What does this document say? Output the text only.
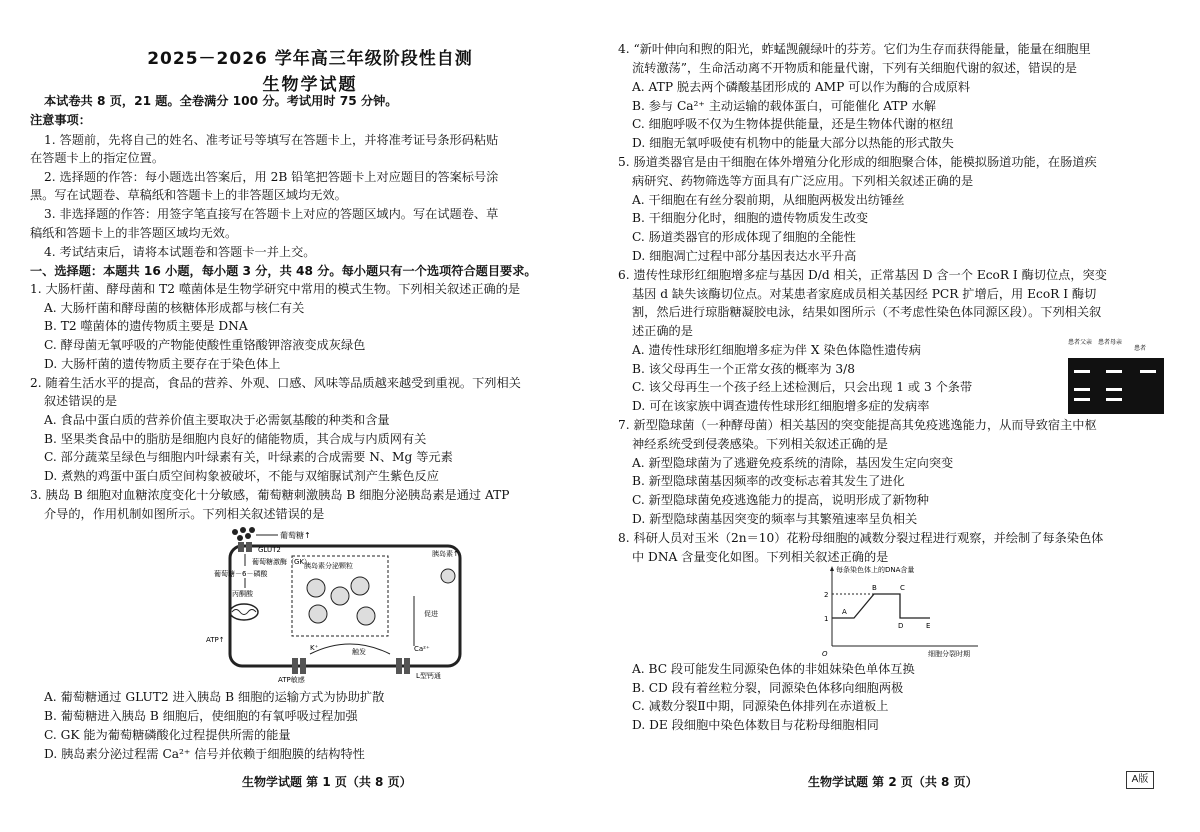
2025－2026 学年高三年级阶段性自测
生物学试题
本试卷共 8 页，21 题。全卷满分 100 分。考试用时 75 分钟。
注意事项：
1. 答题前，先将自己的姓名、准考证号等填写在答题卡上，并将准考证号条形码粘贴
在答题卡上的指定位置。
2. 选择题的作答：每小题选出答案后，用 2B 铅笔把答题卡上对应题目的答案标号涂
黑。写在试题卷、草稿纸和答题卡上的非答题区域均无效。
3. 非选择题的作答：用签字笔直接写在答题卡上对应的答题区域内。写在试题卷、草
稿纸和答题卡上的非答题区域均无效。
4. 考试结束后，请将本试题卷和答题卡一并上交。
一、选择题：本题共 16 小题，每小题 3 分，共 48 分。每小题只有一个选项符合题目要求。
1. 大肠杆菌、酵母菌和 T2 噬菌体是生物学研究中常用的模式生物。下列相关叙述正确的是
A. 大肠杆菌和酵母菌的核糖体形成都与核仁有关
B. T2 噬菌体的遗传物质主要是 DNA
C. 酵母菌无氧呼吸的产物能使酸性重铬酸钾溶液变成灰绿色
D. 大肠杆菌的遗传物质主要存在于染色体上
2. 随着生活水平的提高，食品的营养、外观、口感、风味等品质越来越受到重视。下列相关
叙述错误的是
A. 食品中蛋白质的营养价值主要取决于必需氨基酸的种类和含量
B. 坚果类食品中的脂肪是细胞内良好的储能物质，其合成与内质网有关
C. 部分蔬菜呈绿色与细胞内叶绿素有关，叶绿素的合成需要 N、Mg 等元素
D. 煮熟的鸡蛋中蛋白质空间构象被破坏，不能与双缩脲试剂产生紫色反应
3. 胰岛 B 细胞对血糖浓度变化十分敏感，葡萄糖刺激胰岛 B 细胞分泌胰岛素是通过 ATP
介导的，作用机制如图所示。下列相关叙述错误的是
葡萄糖↑
GLUT2
葡萄糖激酶（GK）
葡萄糖－6－磷酸
丙酮酸
ATP↑
胰岛素分泌颗粒
胰岛素↑
ATP敏感
K⁺	触发	Ca²⁺
促进
L型钙通
A. 葡萄糖通过 GLUT2 进入胰岛 B 细胞的运输方式为协助扩散
B. 葡萄糖进入胰岛 B 细胞后，使细胞的有氧呼吸过程加强
C. GK 能为葡萄糖磷酸化过程提供所需的能量
D. 胰岛素分泌过程需 Ca²⁺ 信号并依赖于细胞膜的结构特性
生物学试题 第 1 页（共 8 页）
4. “新叶伸向和煦的阳光，蚱蜢觊觎绿叶的芬芳。它们为生存而获得能量，能量在细胞里
流转激荡”，生命活动离不开物质和能量代谢，下列有关细胞代谢的叙述，错误的是
A. ATP 脱去两个磷酸基团形成的 AMP 可以作为酶的合成原料
B. 参与 Ca²⁺ 主动运输的载体蛋白，可能催化 ATP 水解
C. 细胞呼吸不仅为生物体提供能量，还是生物体代谢的枢纽
D. 细胞无氧呼吸使有机物中的能量大部分以热能的形式散失
5. 肠道类器官是由干细胞在体外增殖分化形成的细胞聚合体，能模拟肠道功能，在肠道疾
病研究、药物筛选等方面具有广泛应用。下列相关叙述正确的是
A. 干细胞在有丝分裂前期，从细胞两极发出纺锤丝
B. 干细胞分化时，细胞的遗传物质发生改变
C. 肠道类器官的形成体现了细胞的全能性
D. 细胞凋亡过程中部分基因表达水平升高
6. 遗传性球形红细胞增多症与基因 D/d 相关，正常基因 D 含一个 EcoR Ⅰ 酶切位点，突变
基因 d 缺失该酶切位点。对某患者家庭成员相关基因经 PCR 扩增后，用 EcoR Ⅰ 酶切
割，然后进行琼脂糖凝胶电泳，结果如图所示（不考虑性染色体同源区段）。下列相关叙
述正确的是
A. 遗传性球形红细胞增多症为伴 X 染色体隐性遗传病
B. 该父母再生一个正常女孩的概率为 3/8
C. 该父母再生一个孩子经上述检测后，只会出现 1 或 3 个条带
D. 可在该家族中调查遗传性球形红细胞增多症的发病率
患者父亲 患者母亲
患者
7. 新型隐球菌（一种酵母菌）相关基因的突变能提高其免疫逃逸能力，从而导致宿主中枢
神经系统受到侵袭感染。下列相关叙述正确的是
A. 新型隐球菌为了逃避免疫系统的清除，基因发生定向突变
B. 新型隐球菌基因频率的改变标志着其发生了进化
C. 新型隐球菌免疫逃逸能力的提高，说明形成了新物种
D. 新型隐球菌基因突变的频率与其繁殖速率呈负相关
8. 科研人员对玉米（2n＝10）花粉母细胞的减数分裂过程进行观察，并绘制了每条染色体
中 DNA 含量变化如图。下列相关叙述正确的是
每条染色体上的DNA含量
2
1
A
B	C
D	E
O	细胞分裂时期
A. BC 段可能发生同源染色体的非姐妹染色单体互换
B. CD 段有着丝粒分裂，同源染色体移向细胞两极
C. 减数分裂Ⅱ中期，同源染色体排列在赤道板上
D. DE 段细胞中染色体数目与花粉母细胞相同
生物学试题 第 2 页（共 8 页）	A版
